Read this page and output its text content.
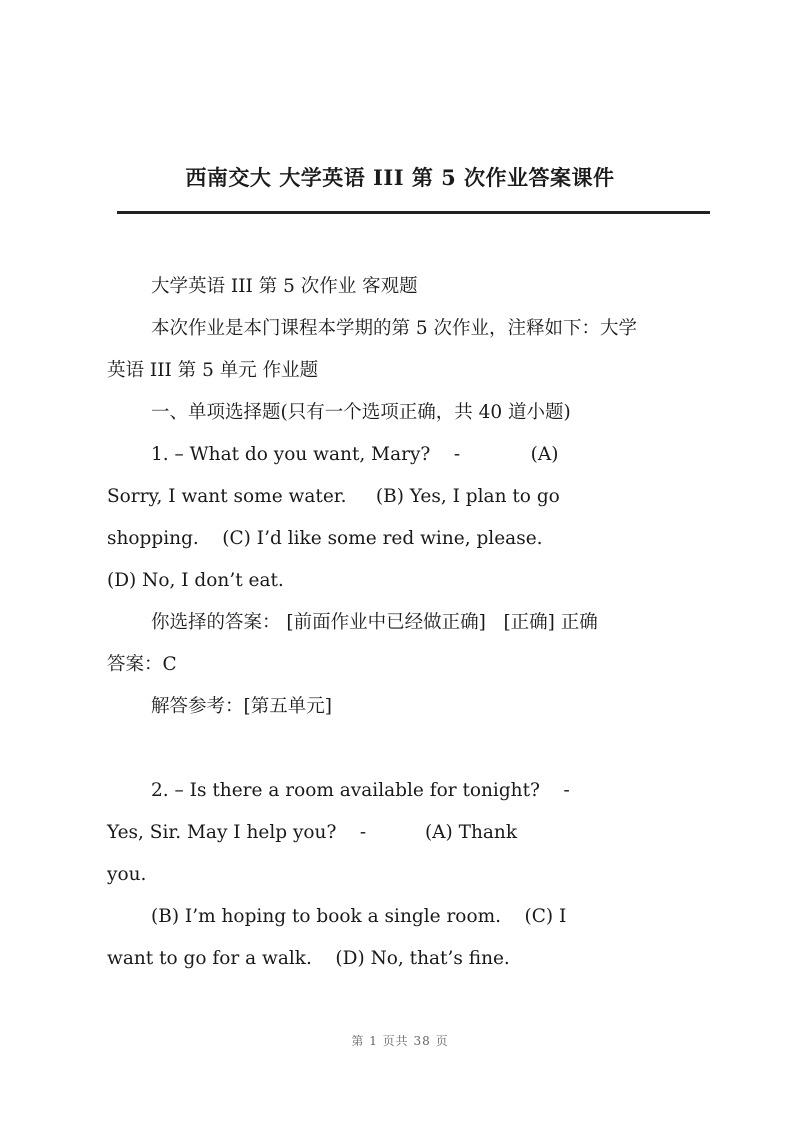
西南交大 大学英语 III 第 5 次作业答案课件

大学英语 III 第 5 次作业 客观题

本次作业是本门课程本学期的第 5 次作业，注释如下：大学

英语 III 第 5 单元 作业题

一、单项选择题(只有一个选项正确，共 40 道小题)

1. – What do you want, Mary?    -            (A)

Sorry, I want some water.     (B) Yes, I plan to go

shopping.    (C) I’d like some red wine, please.

(D) No, I don’t eat.

你选择的答案： [前面作业中已经做正确]   [正确] 正确

答案：C

解答参考：[第五单元]

2. – Is there a room available for tonight?    -

Yes, Sir. May I help you?    -          (A) Thank

you.

(B) I’m hoping to book a single room.    (C) I

want to go for a walk.    (D) No, that’s fine.

第 1 页共 38 页
